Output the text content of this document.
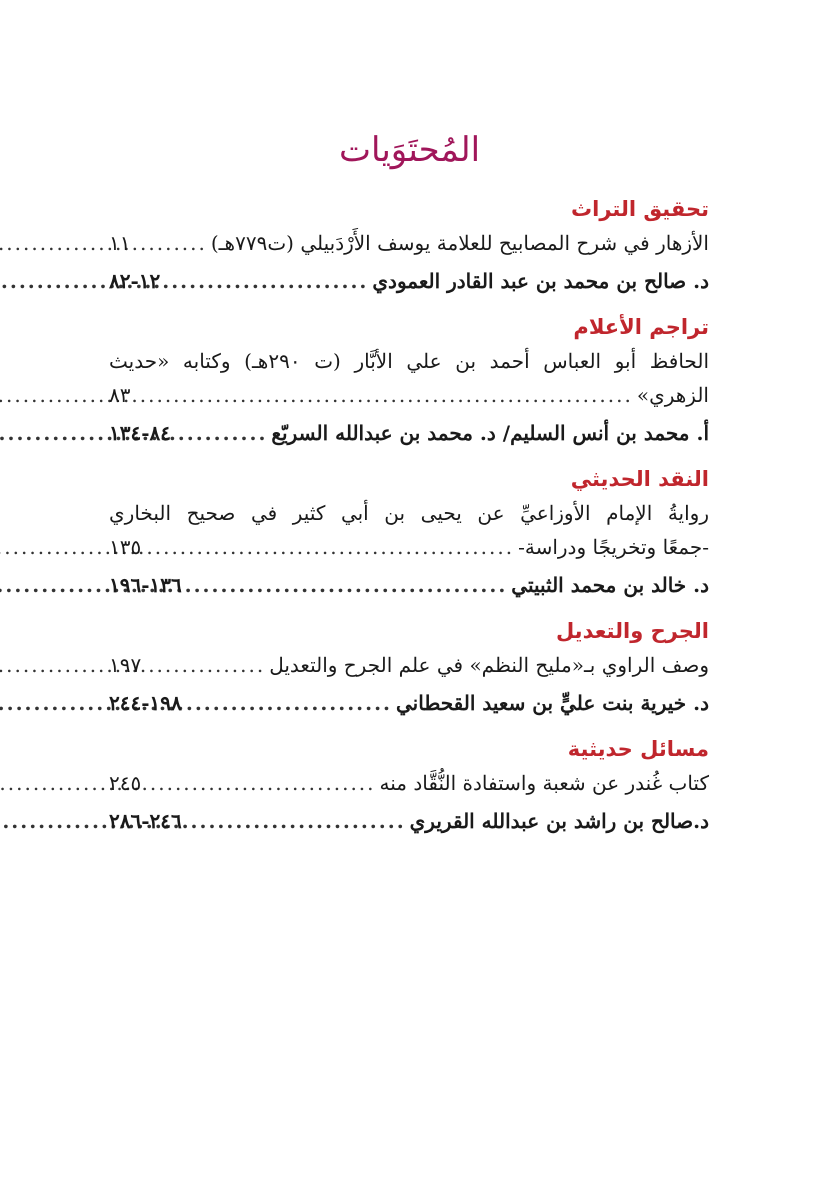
المُحتَوَيات
تحقيق التراث
الأزهار في شرح المصابيح للعلامة يوسف الأَرْدَبيلي (ت٧٧٩هـ)
.....
١١
د. صالح بن محمد بن عبد القادر العمودي
.....
١٢-٨٢
تراجم الأعلام
الحافظ أبو العباس أحمد بن علي الأبَّار (ت ٢٩٠هـ) وكتابه «حديث
الزهري»
.....
٨٣
أ. محمد بن أنس السليم/ د. محمد بن عبدالله السريّع
.....
٨٤-١٣٤
النقد الحديثي
روايةُ الإمام الأوزاعيِّ عن يحيى بن أبي كثير في صحيح البخاري
-جمعًا وتخريجًا ودراسة-
.....
١٣٥
د. خالد بن محمد الثبيتي
.....
١٣٦-١٩٦
الجرح والتعديل
وصف الراوي بـ«مليح النظم» في علم الجرح والتعديل
.....
١٩٧
د. خيرية بنت عليٍّ بن سعيد القحطاني
.....
١٩٨-٢٤٤
مسائل حديثية
كتاب غُندر عن شعبة واستفادة النُّقَّاد منه
.....
٢٤٥
د.صالح بن راشد بن عبدالله القريري
.....
٢٤٦-٢٨٦
